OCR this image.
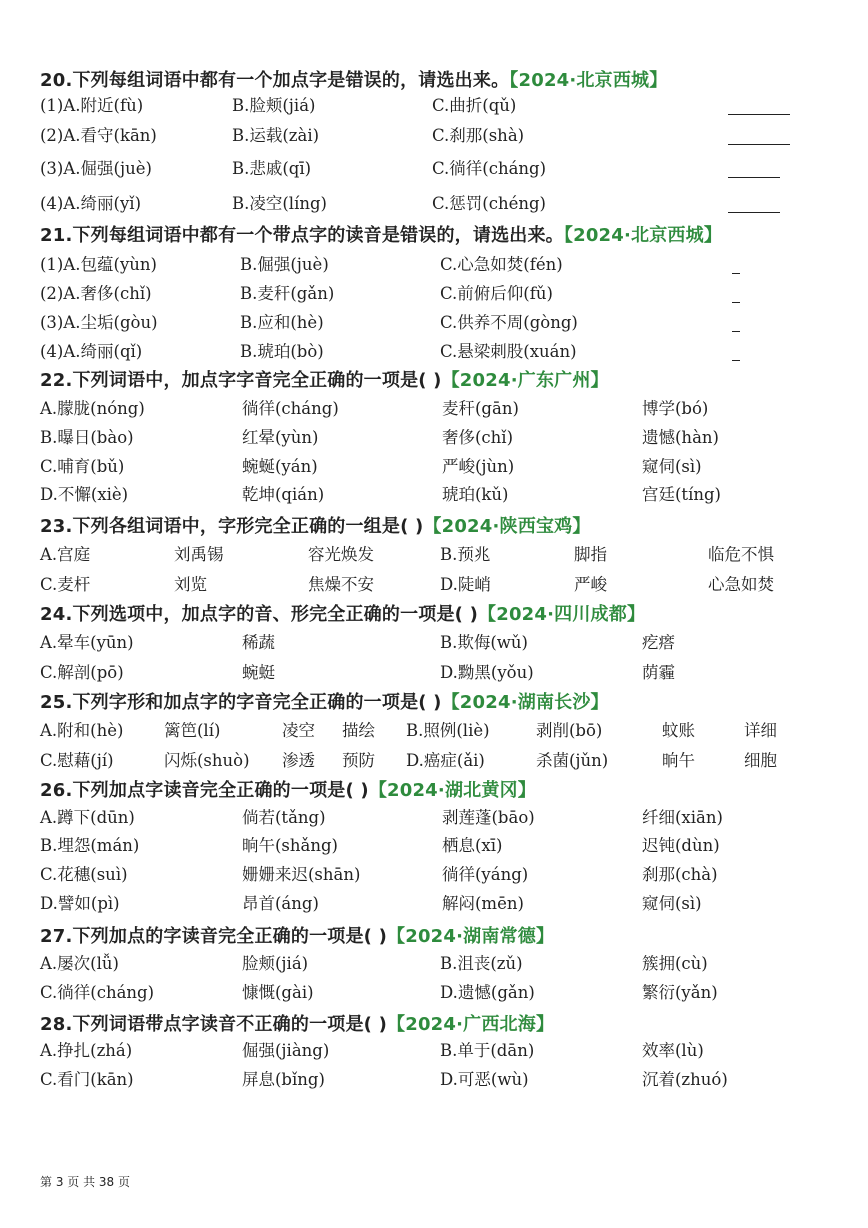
20.下列每组词语中都有一个加点字是错误的，请选出来。【2024·北京西城】
(1)A.附近(fù)	B.脸颊(jiá)	C.曲折(qǔ)
(2)A.看守(kān)	B.运载(zài)	C.刹那(shà)
(3)A.倔强(juè)	B.悲戚(qī)	C.徜徉(cháng)
(4)A.绮丽(yǐ)	B.凌空(líng)	C.惩罚(chéng)
21.下列每组词语中都有一个带点字的读音是错误的，请选出来。【2024·北京西城】
(1)A.包蕴(yùn)	B.倔强(juè)	C.心急如焚(fén)
(2)A.奢侈(chǐ)	B.麦秆(gǎn)	C.前俯后仰(fǔ)
(3)A.尘垢(gòu)	B.应和(hè)	C.供养不周(gòng)
(4)A.绮丽(qǐ)	B.琥珀(bò)	C.悬梁刺股(xuán)
22.下列词语中，加点字字音完全正确的一项是( )【2024·广东广州】
A.朦胧(nóng)	徜徉(cháng)	麦秆(gān)	博学(bó)
B.曝日(bào)	红晕(yùn)	奢侈(chǐ)	遗憾(hàn)
C.哺育(bǔ)	蜿蜒(yán)	严峻(jùn)	窥伺(sì)
D.不懈(xiè)	乾坤(qián)	琥珀(kǔ)	宫廷(tíng)
23.下列各组词语中，字形完全正确的一组是( )【2024·陕西宝鸡】
A.宫庭	刘禹锡	容光焕发	B.预兆	脚指	临危不惧
C.麦杆	刘览	焦燥不安	D.陡峭	严峻	心急如焚
24.下列选项中，加点字的音、形完全正确的一项是( )【2024·四川成都】
A.晕车(yūn)	稀蔬	B.欺侮(wǔ)	疙瘩
C.解剖(pō)	蜿蜓	D.黝黑(yǒu)	荫霾
25.下列字形和加点字的字音完全正确的一项是( )【2024·湖南长沙】
A.附和(hè) 篱笆(lí)	凌空 描绘 B.照例(liè)	剥削(bō)	蚊账	详细
C.慰藉(jí)	闪烁(shuò) 渗透 预防 D.癌症(ǎi)	杀菌(jǔn)	晌午	细胞
26.下列加点字读音完全正确的一项是( )【2024·湖北黄冈】
A.蹲下(dūn)	倘若(tǎng)	剥莲蓬(bāo)	纤细(xiān)
B.埋怨(mán)	晌午(shǎng)	栖息(xī)	迟钝(dùn)
C.花穗(suì)	姗姗来迟(shān)	徜徉(yáng)	刹那(chà)
D.譬如(pì)	昂首(áng)	解闷(mēn)	窥伺(sì)
27.下列加点的字读音完全正确的一项是( )【2024·湖南常德】
A.屡次(lǚ)	脸颊(jiá)	B.沮丧(zǔ)	簇拥(cù)
C.徜徉(cháng)	慷慨(gài)	D.遗憾(gǎn)	繁衍(yǎn)
28.下列词语带点字读音不正确的一项是( )【2024·广西北海】
A.挣扎(zhá)	倔强(jiàng)	B.单于(dān)	效率(lù)
C.看门(kān)	屏息(bǐng)	D.可恶(wù)	沉着(zhuó)
第 3 页 共 38 页
